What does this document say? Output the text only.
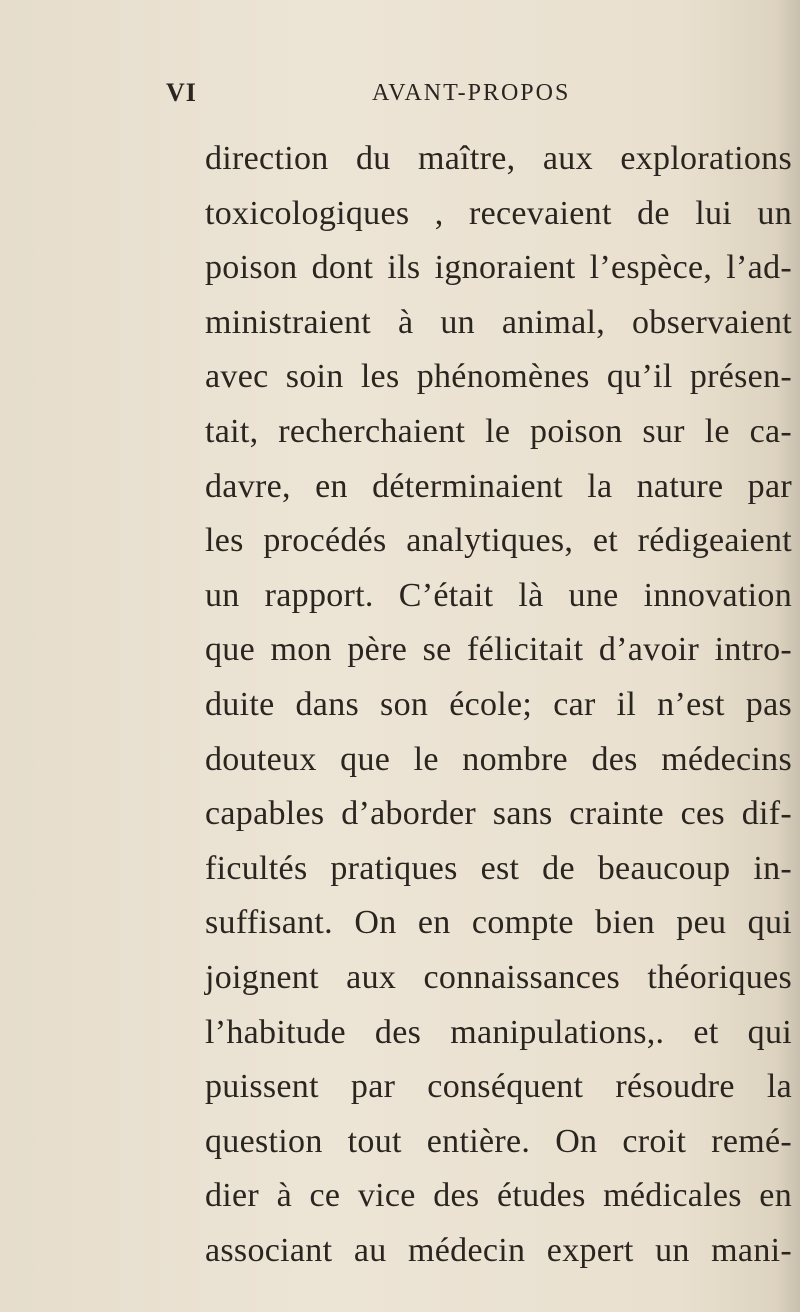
VI	AVANT-PROPOS
direction du maître, aux explorations
toxicologiques , recevaient de lui un
poison dont ils ignoraient l’espèce, l’ad-
ministraient à un animal, observaient
avec soin les phénomènes qu’il présen-
tait, recherchaient le poison sur le ca-
davre, en déterminaient la nature par
les procédés analytiques, et rédigeaient
un rapport. C’était là une innovation
que mon père se félicitait d’avoir intro-
duite dans son école; car il n’est pas
douteux que le nombre des médecins
capables d’aborder sans crainte ces dif-
ficultés pratiques est de beaucoup in-
suffisant. On en compte bien peu qui
joignent aux connaissances théoriques
l’habitude des manipulations,. et qui
puissent par conséquent résoudre la
question tout entière. On croit remé-
dier à ce vice des études médicales en
associant au médecin expert un mani-
